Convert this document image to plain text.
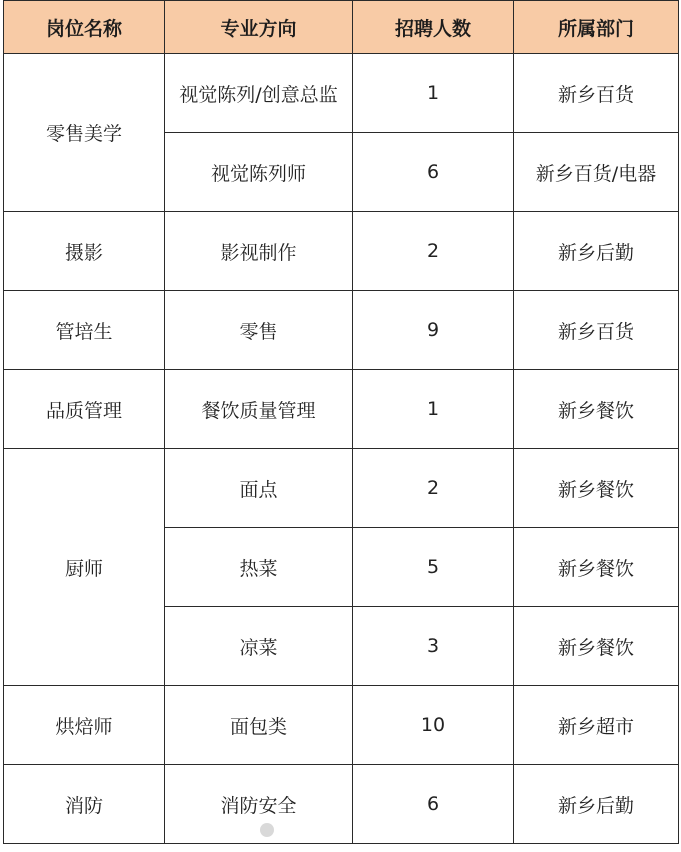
岗位名称	专业方向	招聘人数	所属部门
零售美学	视觉陈列/创意总监	1	新乡百货
	视觉陈列师	6	新乡百货/电器
摄影	影视制作	2	新乡后勤
管培生	零售	9	新乡百货
品质管理	餐饮质量管理	1	新乡餐饮
厨师	面点	2	新乡餐饮
	热菜	5	新乡餐饮
	凉菜	3	新乡餐饮
烘焙师	面包类	10	新乡超市
消防	消防安全	6	新乡后勤
